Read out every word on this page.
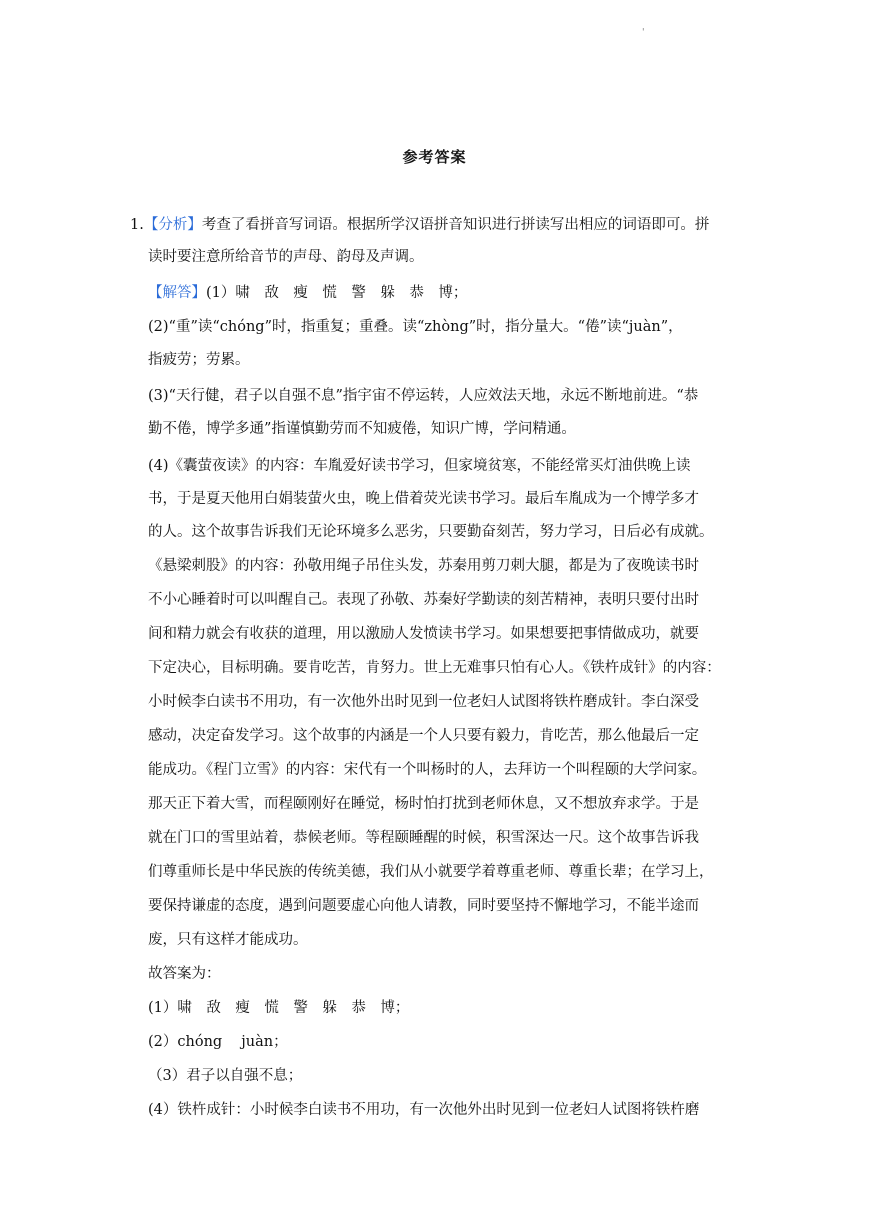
'
参考答案
1.【分析】考查了看拼音写词语。根据所学汉语拼音知识进行拼读写出相应的词语即可。拼
读时要注意所给音节的声母、韵母及声调。
【解答】(1）啸　敌　瘦　慌　警　躲　恭　博；
(2)“重”读“chóng”时，指重复；重叠。读“zhòng”时，指分量大。“倦”读“juàn”，
指疲劳；劳累。
(3)“天行健，君子以自强不息”指宇宙不停运转，人应效法天地，永远不断地前进。“恭
勤不倦，博学多通”指谨慎勤劳而不知疲倦，知识广博，学问精通。
(4)《囊萤夜读》的内容：车胤爱好读书学习，但家境贫寒，不能经常买灯油供晚上读
书，于是夏天他用白娟装萤火虫，晚上借着荧光读书学习。最后车胤成为一个博学多才
的人。这个故事告诉我们无论环境多么恶劣，只要勤奋刻苦，努力学习，日后必有成就。
《悬梁刺股》的内容：孙敬用绳子吊住头发，苏秦用剪刀刺大腿，都是为了夜晚读书时
不小心睡着时可以叫醒自己。表现了孙敬、苏秦好学勤读的刻苦精神，表明只要付出时
间和精力就会有收获的道理，用以激励人发愤读书学习。如果想要把事情做成功，就要
下定决心，目标明确。要肯吃苦，肯努力。世上无难事只怕有心人。《铁杵成针》的内容：
小时候李白读书不用功，有一次他外出时见到一位老妇人试图将铁杵磨成针。李白深受
感动，决定奋发学习。这个故事的内涵是一个人只要有毅力，肯吃苦，那么他最后一定
能成功。《程门立雪》的内容：宋代有一个叫杨时的人，去拜访一个叫程颐的大学问家。
那天正下着大雪，而程颐刚好在睡觉，杨时怕打扰到老师休息，又不想放弃求学。于是
就在门口的雪里站着，恭候老师。等程颐睡醒的时候，积雪深达一尺。这个故事告诉我
们尊重师长是中华民族的传统美德，我们从小就要学着尊重老师、尊重长辈；在学习上，
要保持谦虚的态度，遇到问题要虚心向他人请教，同时要坚持不懈地学习，不能半途而
废，只有这样才能成功。
故答案为：
(1）啸　敌　瘦　慌　警　躲　恭　博；
(2）chóng　 juàn；
（3）君子以自强不息；
(4）铁杵成针：小时候李白读书不用功，有一次他外出时见到一位老妇人试图将铁杵磨
